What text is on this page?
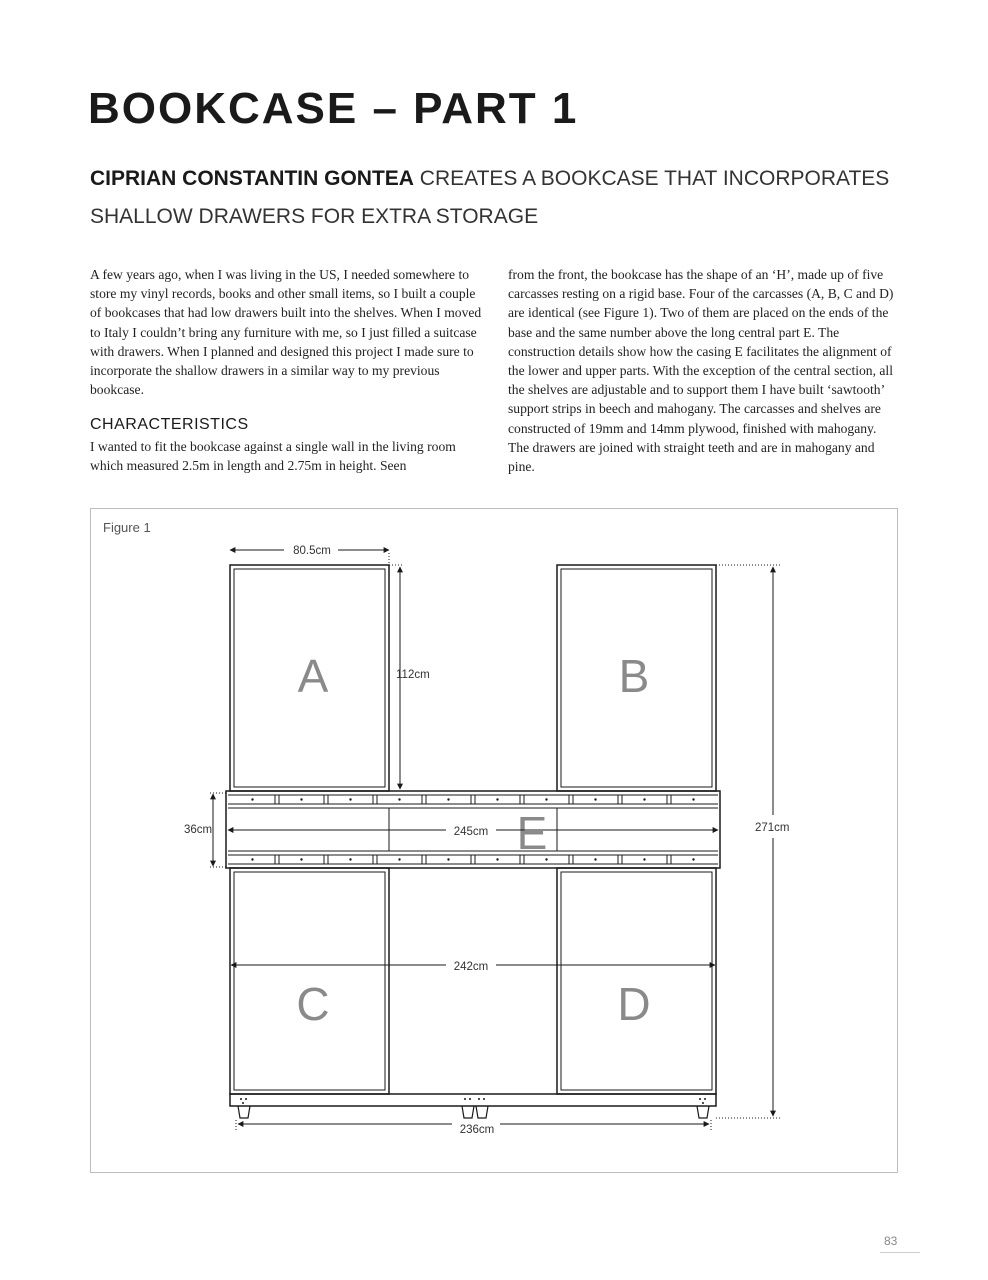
BOOKCASE – PART 1
CIPRIAN CONSTANTIN GONTEA CREATES A BOOKCASE THAT INCORPORATES SHALLOW DRAWERS FOR EXTRA STORAGE

A few years ago, when I was living in the US, I needed somewhere to store my vinyl records, books and other small items, so I built a couple of bookcases that had low drawers built into the shelves. When I moved to Italy I couldn’t bring any furniture with me, so I just filled a suitcase with drawers. When I planned and designed this project I made sure to incorporate the shallow drawers in a similar way to my previous bookcase.

CHARACTERISTICS

I wanted to fit the bookcase against a single wall in the living room which measured 2.5m in length and 2.75m in height. Seen

from the front, the bookcase has the shape of an ‘H’, made up of five carcasses resting on a rigid base. Four of the carcasses (A, B, C and D) are identical (see Figure 1). Two of them are placed on the ends of the base and the same number above the long central part E. The construction details show how the casing E facilitates the alignment of the lower and upper parts. With the exception of the central section, all the shelves are adjustable and to support them I have built ‘sawtooth’ support strips in beech and mahogany. The carcasses and shelves are constructed of 19mm and 14mm plywood, finished with mahogany. The drawers are joined with straight teeth and are in mahogany and pine.

Figure 1
A	B
E
C	D
80.5cm
112cm
36cm	245cm	271cm
242cm
236cm
83
